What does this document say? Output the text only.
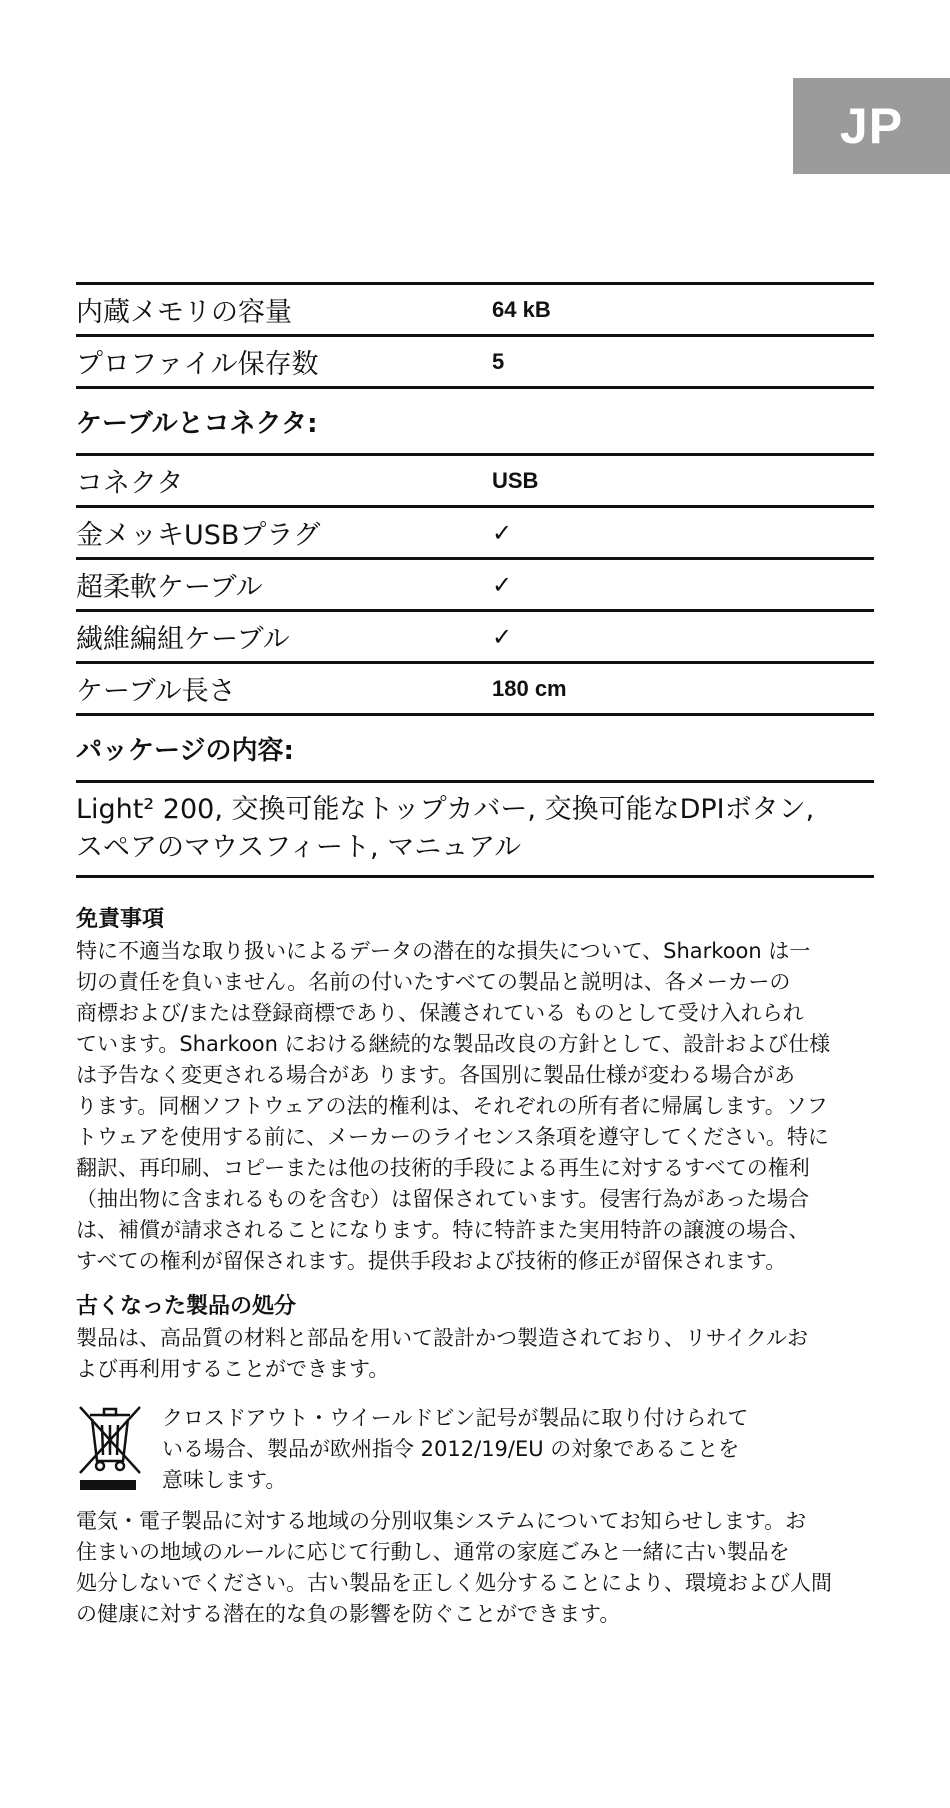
JP
内蔵メモリの容量	64 kB
プロファイル保存数	5
ケーブルとコネクタ:
コネクタ	USB
金メッキUSBプラグ	✓
超柔軟ケーブル	✓
繊維編組ケーブル	✓
ケーブル長さ	180 cm
パッケージの内容:
Light² 200, 交換可能なトップカバー, 交換可能なDPIボタン,
スペアのマウスフィート, マニュアル
免責事項
特に不適当な取り扱いによるデータの潜在的な損失について、Sharkoon は一
切の責任を負いません。名前の付いたすべての製品と説明は、各メーカーの
商標および/または登録商標であり、保護されている ものとして受け入れられ
ています。Sharkoon における継続的な製品改良の方針として、設計および仕様
は予告なく変更される場合があ ります。各国別に製品仕様が変わる場合があ
ります。同梱ソフトウェアの法的権利は、それぞれの所有者に帰属します。ソフ
トウェアを使用する前に、メーカーのライセンス条項を遵守してください。特に
翻訳、再印刷、コピーまたは他の技術的手段による再生に対するすべての権利
（抽出物に含まれるものを含む）は留保されています。侵害行為があった場合
は、補償が請求されることになります。特に特許また実用特許の譲渡の場合、
すべての権利が留保されます。提供手段および技術的修正が留保されます。
古くなった製品の処分
製品は、高品質の材料と部品を用いて設計かつ製造されており、リサイクルお
よび再利用することができます。
クロスドアウト・ウイールドビン記号が製品に取り付けられて
いる場合、製品が欧州指令 2012/19/EU の対象であることを
意味します。
電気・電子製品に対する地域の分別収集システムについてお知らせします。お
住まいの地域のルールに応じて行動し、通常の家庭ごみと一緒に古い製品を
処分しないでください。古い製品を正しく処分することにより、環境および人間
の健康に対する潜在的な負の影響を防ぐことができます。
